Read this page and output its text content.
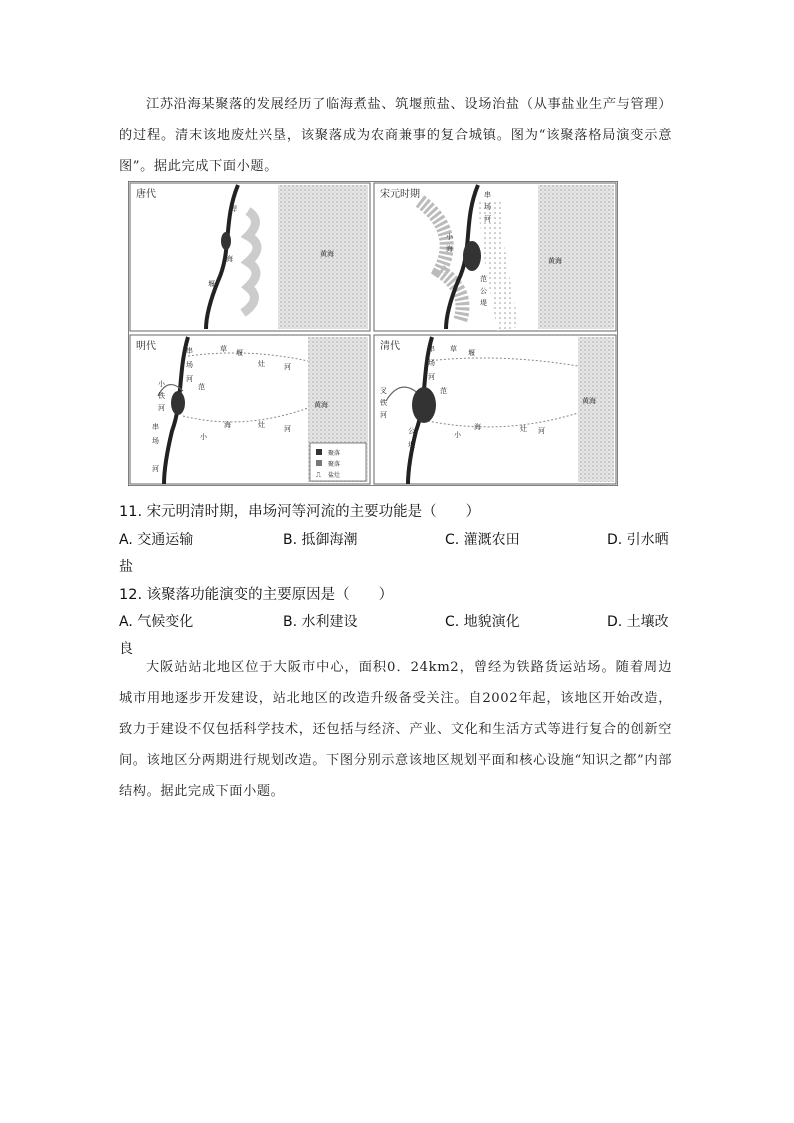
江苏沿海某聚落的发展经历了临海煮盐、筑堰煎盐、设场治盐（从事盐业生产与管理）的过程。清末该地废灶兴垦，该聚落成为农商兼事的复合城镇。图为“该聚落格局演变示意图”。据此完成下面小题。
唐代
捍
海
堰
黄海
宋元时期	串
场
河
小
海
范
公
堤
黄海
明代	串
场
河
范
小
铁
河
串
场
河
草 堰
灶	河
小
海	灶	河
黄海
聚落
聚落
⎍ 盐灶
清代	串
场
河
范
公
堤
草 堰
小
海	灶 河
黄海
叉
铁
河
11. 宋元明清时期，串场河等河流的主要功能是（　　）
A. 交通运输	B. 抵御海潮	C. 灌溉农田	D. 引水晒
盐
12. 该聚落功能演变的主要原因是（　　）
A. 气候变化	B. 水利建设	C. 地貌演化	D. 土壤改
良
大阪站站北地区位于大阪市中心，面积0．24km2，曾经为铁路货运站场。随着周边城市用地逐步开发建设，站北地区的改造升级备受关注。自2002年起，该地区开始改造，致力于建设不仅包括科学技术，还包括与经济、产业、文化和生活方式等进行复合的创新空间。该地区分两期进行规划改造。下图分别示意该地区规划平面和核心设施“知识之都”内部结构。据此完成下面小题。
